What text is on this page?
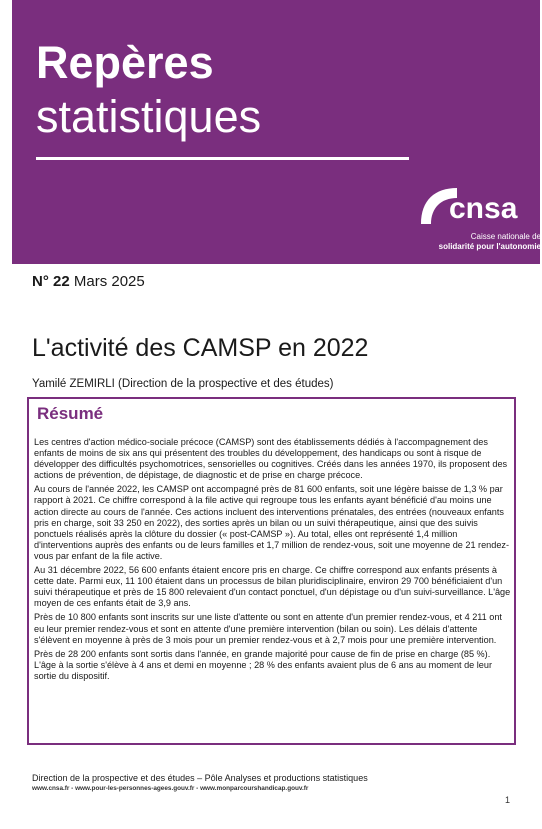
Repères
statistiques
cnsa
Caisse nationale de
solidarité pour l'autonomie
N° 22 Mars 2025
L'activité des CAMSP en 2022
Yamilé ZEMIRLI (Direction de la prospective et des études)
Résumé

Les centres d'action médico-sociale précoce (CAMSP) sont des établissements dédiés à l'accompagnement des enfants de moins de six ans qui présentent des troubles du développement, des handicaps ou sont à risque de développer des difficultés psychomotrices, sensorielles ou cognitives. Créés dans les années 1970, ils proposent des actions de prévention, de dépistage, de diagnostic et de prise en charge précoce.

Au cours de l'année 2022, les CAMSP ont accompagné près de 81 600 enfants, soit une légère baisse de 1,3 % par rapport à 2021. Ce chiffre correspond à la file active qui regroupe tous les enfants ayant bénéficié d'au moins une action directe au cours de l'année. Ces actions incluent des interventions prénatales, des entrées (nouveaux enfants pris en charge, soit 33 250 en 2022), des sorties après un bilan ou un suivi thérapeutique, ainsi que des suivis ponctuels réalisés après la clôture du dossier (« post-CAMSP »). Au total, elles ont représenté 1,4 million d'interventions auprès des enfants ou de leurs familles et 1,7 million de rendez-vous, soit une moyenne de 21 rendez-vous par enfant de la file active.

Au 31 décembre 2022, 56 600 enfants étaient encore pris en charge. Ce chiffre correspond aux enfants présents à cette date. Parmi eux, 11 100 étaient dans un processus de bilan pluridisciplinaire, environ 29 700 bénéficiaient d'un suivi thérapeutique et près de 15 800 relevaient d'un contact ponctuel, d'un dépistage ou d'un suivi-surveillance. L'âge moyen de ces enfants était de 3,9 ans.

Près de 10 800 enfants sont inscrits sur une liste d'attente ou sont en attente d'un premier rendez-vous, et 4 211 ont eu leur premier rendez-vous et sont en attente d'une première intervention (bilan ou soin). Les délais d'attente s'élèvent en moyenne à près de 3 mois pour un premier rendez-vous et à 2,7 mois pour une première intervention.

Près de 28 200 enfants sont sortis dans l'année, en grande majorité pour cause de fin de prise en charge (85 %). L'âge à la sortie s'élève à 4 ans et demi en moyenne ; 28 % des enfants avaient plus de 6 ans au moment de leur sortie du dispositif.

Direction de la prospective et des études – Pôle Analyses et productions statistiques
www.cnsa.fr - www.pour-les-personnes-agees.gouv.fr - www.monparcourshandicap.gouv.fr
1
